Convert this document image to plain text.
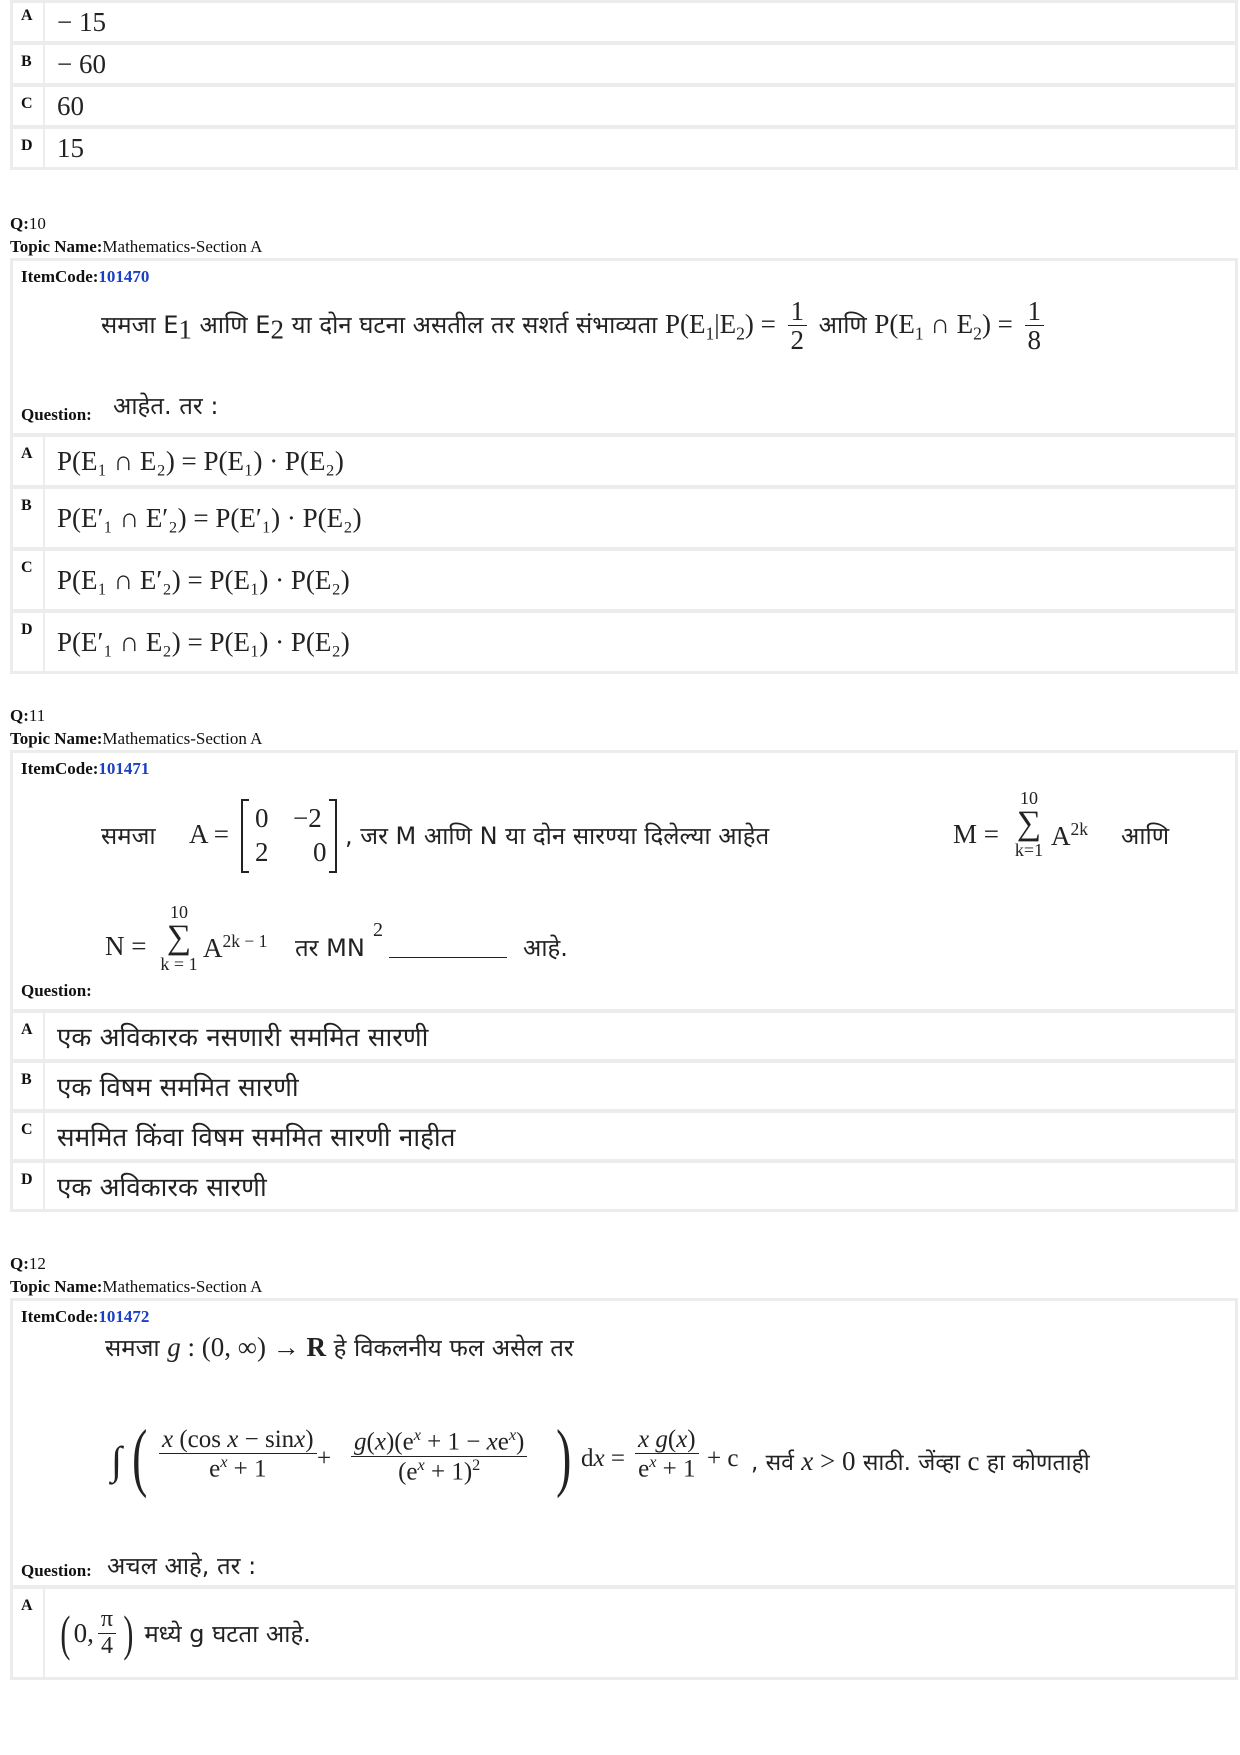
A − 15
B − 60
C 60
D 15
Q:10
Topic Name:Mathematics-Section A
ItemCode:101470
समजा $E_1$ आणि $E_2$ या दोन घटना असतील तर सशर्त संभाव्यता $P(E_1|E_2) = \frac{1}{2}$ आणि $P(E_1$ ∩ $E_2) = \frac{1}{8}$
Question: आहेत. तर :
A P(E₁ ∩ E₂) = P(E₁) · P(E₂)
B P(E′₁ ∩ E′₂) = P(E′₁) · P(E₂)
C P(E₁ ∩ E′₂) = P(E₁) · P(E₂)
D P(E′₁ ∩ E₂) = P(E₁) · P(E₂)
Q:11
Topic Name:Mathematics-Section A
ItemCode:101471
समजा A =
0 −2
2 0
, जर M आणि N या दोन सारण्या दिलेल्या आहेत	M =
10
∑
k=1 $A^{2k}$ आणि
N =
10
∑
k = 1
$A^{2k - 1}$ तर MN
2
आहे.
Question:
A एक अविकारक नसणारी सममित सारणी
B एक विषम सममित सारणी
C सममित किंवा विषम सममित सारणी नाहीत
D एक अविकारक सारणी
Q:12
Topic Name:Mathematics-Section A
ItemCode:101472
समजा g : (0, ∞) → R हे विकलनीय फल असेल तर
∫ ( $\frac{\text{x (cos x − sinx)}}{e^x + 1}$ +
$g(x)(e^x + 1 - xe^x)$
$(e^x + 1)^2$ ) dx = $\frac{\text{x g(x)}}{e^x + 1} + c$ , सर्व x > 0 साठी. जेंव्हा c हा कोणताही
अचल आहे, तर :
Question:
A ( 0, $\frac{\pi}{4}$ )
मध्ये g घटता आहे.
